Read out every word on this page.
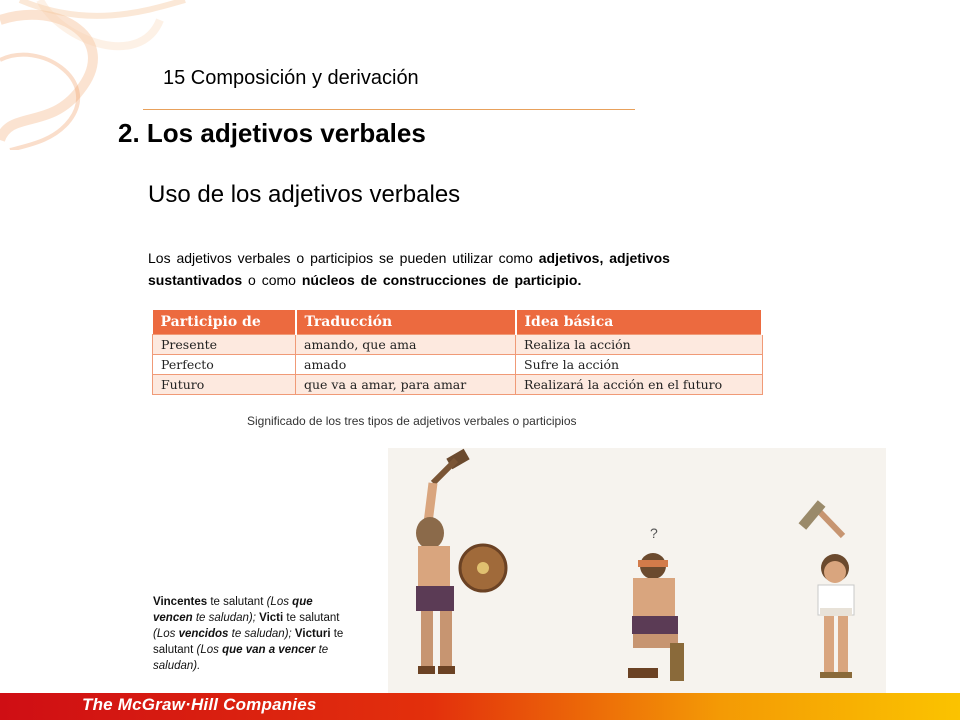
15 Composición y derivación
2. Los adjetivos verbales
Uso de los adjetivos verbales
Los adjetivos verbales o participios se pueden utilizar como adjetivos, adjetivos sustantivados o como núcleos de construcciones de participio.
Participio de	Traducción	Idea básica
Presente	amando, que ama	Realiza la acción
Perfecto	amado	Sufre la acción
Futuro	que va a amar, para amar	Realizará la acción en el futuro
Significado de los tres tipos de adjetivos verbales o participios
?
Vincentes te salutant (Los que vencen te saludan); Victi te salutant (Los vencidos te saludan); Victuri te salutant (Los que van a vencer te saludan).
The McGraw·Hill Companies
